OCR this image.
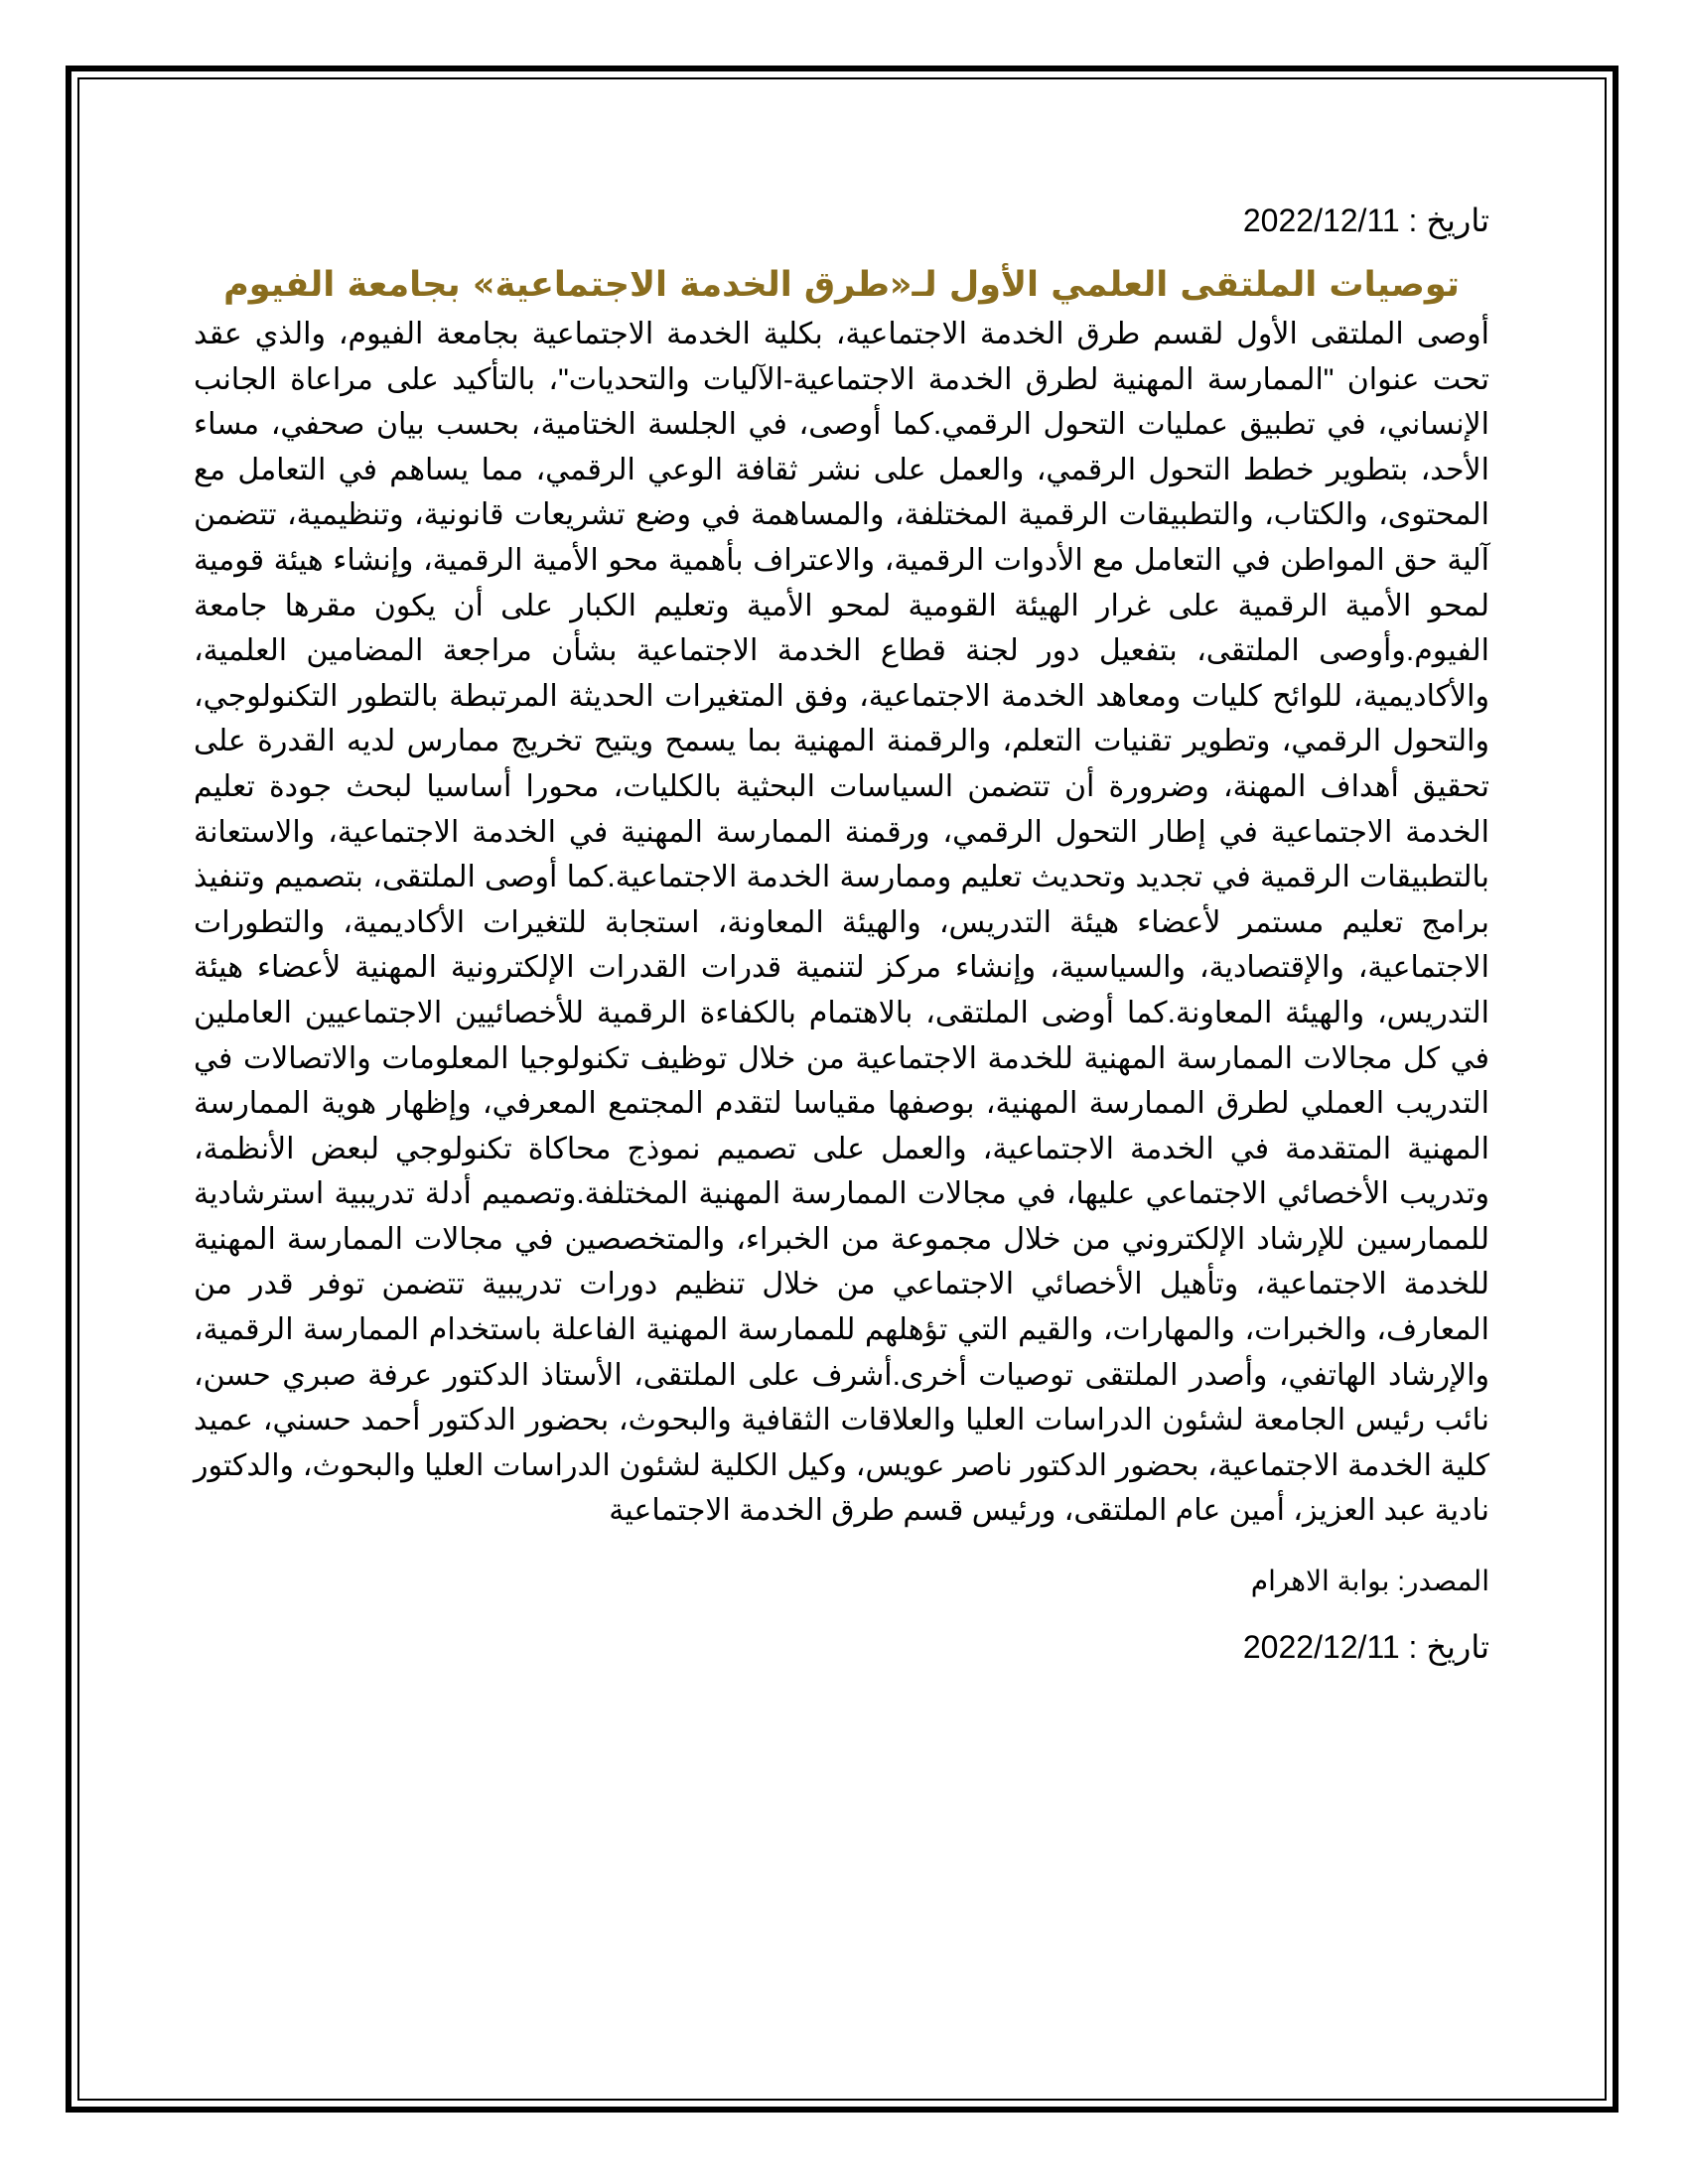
تاريخ : 2022/12/11

توصيات الملتقى العلمي الأول لـ«طرق الخدمة الاجتماعية» بجامعة الفيوم

أوصى الملتقى الأول لقسم طرق الخدمة الاجتماعية، بكلية الخدمة الاجتماعية بجامعة الفيوم، والذي عقد تحت عنوان "الممارسة المهنية لطرق الخدمة الاجتماعية-الآليات والتحديات"، بالتأكيد على مراعاة الجانب الإنساني، في تطبيق عمليات التحول الرقمي.كما أوصى، في الجلسة الختامية، بحسب بيان صحفي، مساء الأحد، بتطوير خطط التحول الرقمي، والعمل على نشر ثقافة الوعي الرقمي، مما يساهم في التعامل مع المحتوى، والكتاب، والتطبيقات الرقمية المختلفة، والمساهمة في وضع تشريعات قانونية، وتنظيمية، تتضمن آلية حق المواطن في التعامل مع الأدوات الرقمية، والاعتراف بأهمية محو الأمية الرقمية، وإنشاء هيئة قومية لمحو الأمية الرقمية على غرار الهيئة القومية لمحو الأمية وتعليم الكبار على أن يكون مقرها جامعة الفيوم.وأوصى الملتقى، بتفعيل دور لجنة قطاع الخدمة الاجتماعية بشأن مراجعة المضامين العلمية، والأكاديمية، للوائح كليات ومعاهد الخدمة الاجتماعية، وفق المتغيرات الحديثة المرتبطة بالتطور التكنولوجي، والتحول الرقمي، وتطوير تقنيات التعلم، والرقمنة المهنية بما يسمح ويتيح تخريج ممارس لديه القدرة على تحقيق أهداف المهنة، وضرورة أن تتضمن السياسات البحثية بالكليات، محورا أساسيا لبحث جودة تعليم الخدمة الاجتماعية في إطار التحول الرقمي، ورقمنة الممارسة المهنية في الخدمة الاجتماعية، والاستعانة بالتطبيقات الرقمية في تجديد وتحديث تعليم وممارسة الخدمة الاجتماعية.كما أوصى الملتقى، بتصميم وتنفيذ برامج تعليم مستمر لأعضاء هيئة التدريس، والهيئة المعاونة، استجابة للتغيرات الأكاديمية، والتطورات الاجتماعية، والإقتصادية، والسياسية، وإنشاء مركز لتنمية قدرات القدرات الإلكترونية المهنية لأعضاء هيئة التدريس، والهيئة المعاونة.كما أوضى الملتقى، بالاهتمام بالكفاءة الرقمية للأخصائيين الاجتماعيين العاملين في كل مجالات الممارسة المهنية للخدمة الاجتماعية من خلال توظيف تكنولوجيا المعلومات والاتصالات في التدريب العملي لطرق الممارسة المهنية، بوصفها مقياسا لتقدم المجتمع المعرفي، وإظهار هوية الممارسة المهنية المتقدمة في الخدمة الاجتماعية، والعمل على تصميم نموذج محاكاة تكنولوجي لبعض الأنظمة، وتدريب الأخصائي الاجتماعي عليها، في مجالات الممارسة المهنية المختلفة.وتصميم أدلة تدريبية استرشادية للممارسين للإرشاد الإلكتروني من خلال مجموعة من الخبراء، والمتخصصين في مجالات الممارسة المهنية للخدمة الاجتماعية، وتأهيل الأخصائي الاجتماعي من خلال تنظيم دورات تدريبية تتضمن توفر قدر من المعارف، والخبرات، والمهارات، والقيم التي تؤهلهم للممارسة المهنية الفاعلة باستخدام الممارسة الرقمية، والإرشاد الهاتفي، وأصدر الملتقى توصيات أخرى.أشرف على الملتقى، الأستاذ الدكتور عرفة صبري حسن، نائب رئيس الجامعة لشئون الدراسات العليا والعلاقات الثقافية والبحوث، بحضور الدكتور أحمد حسني، عميد كلية الخدمة الاجتماعية، بحضور الدكتور ناصر عويس، وكيل الكلية لشئون الدراسات العليا والبحوث، والدكتور نادية عبد العزيز، أمين عام الملتقى، ورئيس قسم طرق الخدمة الاجتماعية

المصدر: بوابة الاهرام

تاريخ : 2022/12/11
